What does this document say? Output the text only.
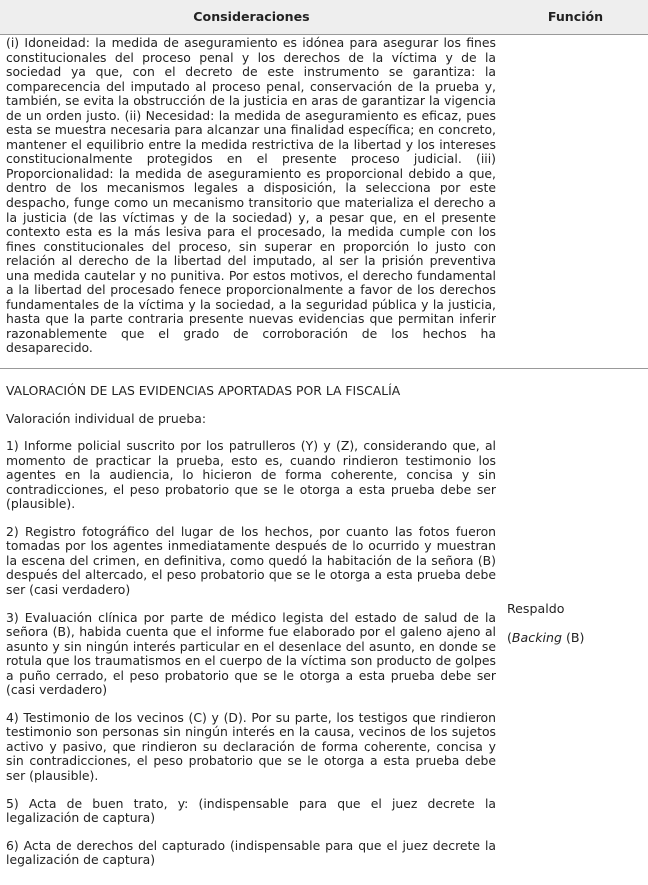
Consideraciones	Función
(i) Idoneidad: la medida de aseguramiento es idónea para asegurar los fines constitucionales del proceso penal y los derechos de la víctima y de la sociedad ya que, con el decreto de este instrumento se garantiza: la comparecencia del imputado al proceso penal, conservación de la prueba y, también, se evita la obstrucción de la justicia en aras de garantizar la vigencia de un orden justo. (ii) Necesidad: la medida de aseguramiento es eficaz, pues esta se muestra necesaria para alcanzar una finalidad específica; en concreto, mantener el equilibrio entre la medida restrictiva de la libertad y los intereses constitucionalmente protegidos en el presente proceso judicial. (iii) Proporcionalidad: la medida de aseguramiento es proporcional debido a que, dentro de los mecanismos legales a disposición, la selecciona por este despacho, funge como un mecanismo transitorio que materializa el derecho a la justicia (de las víctimas y de la sociedad) y, a pesar que, en el presente contexto esta es la más lesiva para el procesado, la medida cumple con los fines constitucionales del proceso, sin superar en proporción lo justo con relación al derecho de la libertad del imputado, al ser la prisión preventiva una medida cautelar y no punitiva. Por estos motivos, el derecho fundamental a la libertad del procesado fenece proporcionalmente a favor de los derechos fundamentales de la víctima y la sociedad, a la seguridad pública y la justicia, hasta que la parte contraria presente nuevas evidencias que permitan inferir razonablemente que el grado de corroboración de los hechos ha desaparecido.

VALORACIÓN DE LAS EVIDENCIAS APORTADAS POR LA FISCALÍA

Valoración individual de prueba:

1) Informe policial suscrito por los patrulleros (Y) y (Z), considerando que, al momento de practicar la prueba, esto es, cuando rindieron testimonio los agentes en la audiencia, lo hicieron de forma coherente, concisa y sin contradicciones, el peso probatorio que se le otorga a esta prueba debe ser (plausible).

2) Registro fotográfico del lugar de los hechos, por cuanto las fotos fueron tomadas por los agentes inmediatamente después de lo ocurrido y muestran la escena del crimen, en definitiva, como quedó la habitación de la señora (B) después del altercado, el peso probatorio que se le otorga a esta prueba debe ser (casi verdadero)

3) Evaluación clínica por parte de médico legista del estado de salud de la señora (B), habida cuenta que el informe fue elaborado por el galeno ajeno al asunto y sin ningún interés particular en el desenlace del asunto, en donde se rotula que los traumatismos en el cuerpo de la víctima son producto de golpes a puño cerrado, el peso probatorio que se le otorga a esta prueba debe ser (casi verdadero)

4) Testimonio de los vecinos (C) y (D). Por su parte, los testigos que rindieron testimonio son personas sin ningún interés en la causa, vecinos de los sujetos activo y pasivo, que rindieron su declaración de forma coherente, concisa y sin contradicciones, el peso probatorio que se le otorga a esta prueba debe ser (plausible).

5) Acta de buen trato, y: (indispensable para que el juez decrete la legalización de captura)

6) Acta de derechos del capturado (indispensable para que el juez decrete la legalización de captura)

Respaldo
(Backing (B)
